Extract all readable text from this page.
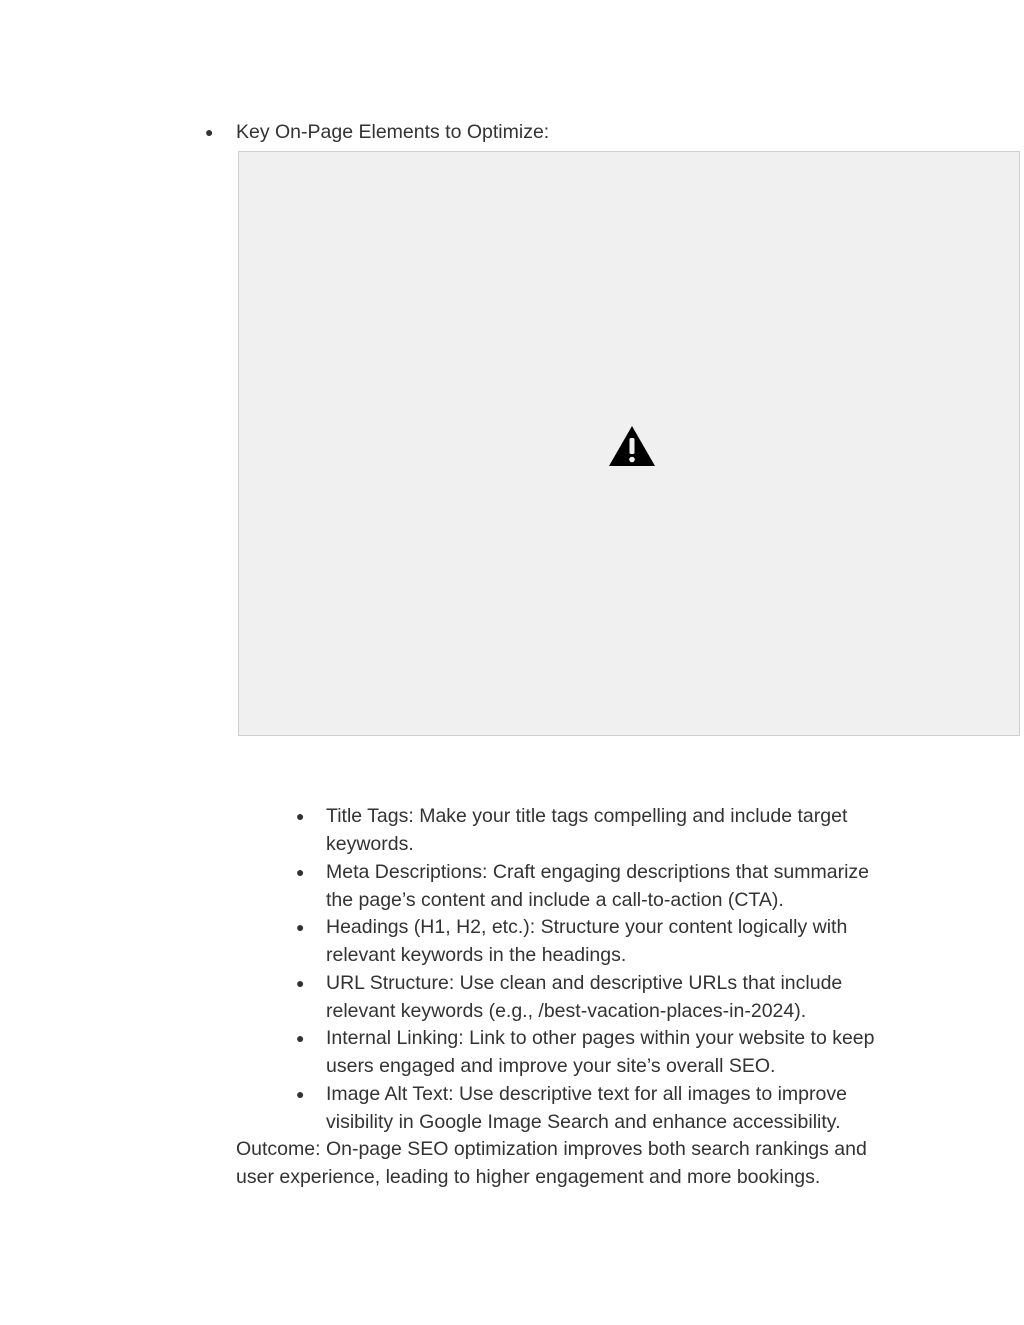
● Key On-Page Elements to Optimize:
● Title Tags: Make your title tags compelling and include target
keywords.
● Meta Descriptions: Craft engaging descriptions that summarize
the page’s content and include a call-to-action (CTA).
● Headings (H1, H2, etc.): Structure your content logically with
relevant keywords in the headings.
● URL Structure: Use clean and descriptive URLs that include
relevant keywords (e.g., /best-vacation-places-in-2024).
● Internal Linking: Link to other pages within your website to keep
users engaged and improve your site’s overall SEO.
● Image Alt Text: Use descriptive text for all images to improve
visibility in Google Image Search and enhance accessibility.
Outcome: On-page SEO optimization improves both search rankings and
user experience, leading to higher engagement and more bookings.
